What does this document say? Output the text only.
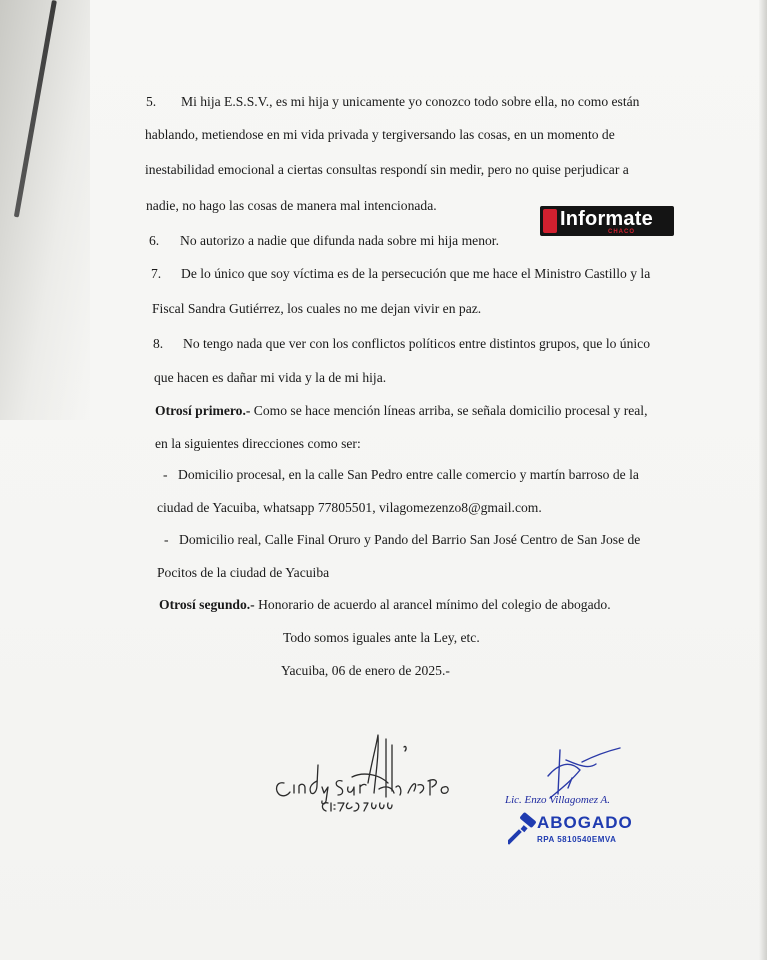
5. Mi hija E.S.S.V., es mi hija y unicamente yo conozco todo sobre ella, no como están
hablando, metiendose en mi vida privada y tergiversando las cosas, en un momento de
inestabilidad emocional a ciertas consultas respondí sin medir, pero no quise perjudicar a
nadie, no hago las cosas de manera mal intencionada.
Informate
CHACO
6. No autorizo a nadie que difunda nada sobre mi hija menor.
7. De lo único que soy víctima es de la persecución que me hace el Ministro Castillo y la
Fiscal Sandra Gutiérrez, los cuales no me dejan vivir en paz.
8. No tengo nada que ver con los conflictos políticos entre distintos grupos, que lo único
que hacen es dañar mi vida y la de mi hija.
Otrosí primero.- Como se hace mención líneas arriba, se señala domicilio procesal y real,
en la siguientes direcciones como ser:
- Domicilio procesal, en la calle San Pedro entre calle comercio y martín barroso de la
ciudad de Yacuiba, whatsapp 77805501, vilagomezenzo8@gmail.com.
- Domicilio real, Calle Final Oruro y Pando del Barrio San José Centro de San Jose de
Pocitos de la ciudad de Yacuiba
Otrosí segundo.- Honorario de acuerdo al arancel mínimo del colegio de abogado.
Todo somos iguales ante la Ley, etc.
Yacuiba, 06 de enero de 2025.-
Lic. Enzo Villagomez A.
ABOGADO
RPA 5810540EMVA
